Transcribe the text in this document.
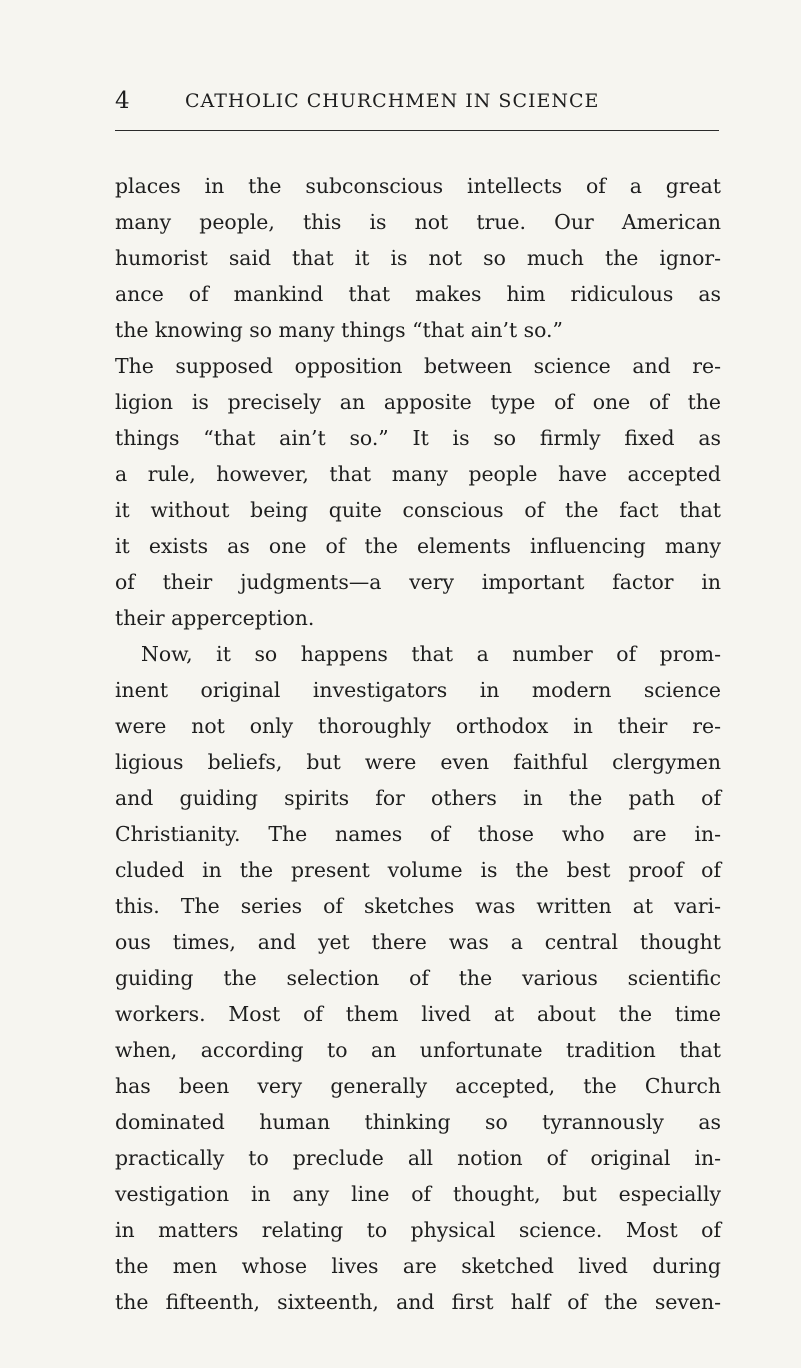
4	CATHOLIC CHURCHMEN IN SCIENCE
places in the subconscious intellects of a great
many people, this is not true. Our American
humorist said that it is not so much the ignor-
ance of mankind that makes him ridiculous as
the knowing so many things “that ain’t so.”
The supposed opposition between science and re-
ligion is precisely an apposite type of one of the
things “that ain’t so.” It is so firmly fixed as
a rule, however, that many people have accepted
it without being quite conscious of the fact that
it exists as one of the elements influencing many
of their judgments—a very important factor in
their apperception.
Now, it so happens that a number of prom-
inent original investigators in modern science
were not only thoroughly orthodox in their re-
ligious beliefs, but were even faithful clergymen
and guiding spirits for others in the path of
Christianity. The names of those who are in-
cluded in the present volume is the best proof of
this. The series of sketches was written at vari-
ous times, and yet there was a central thought
guiding the selection of the various scientific
workers. Most of them lived at about the time
when, according to an unfortunate tradition that
has been very generally accepted, the Church
dominated human thinking so tyrannously as
practically to preclude all notion of original in-
vestigation in any line of thought, but especially
in matters relating to physical science. Most of
the men whose lives are sketched lived during
the fifteenth, sixteenth, and first half of the seven-
